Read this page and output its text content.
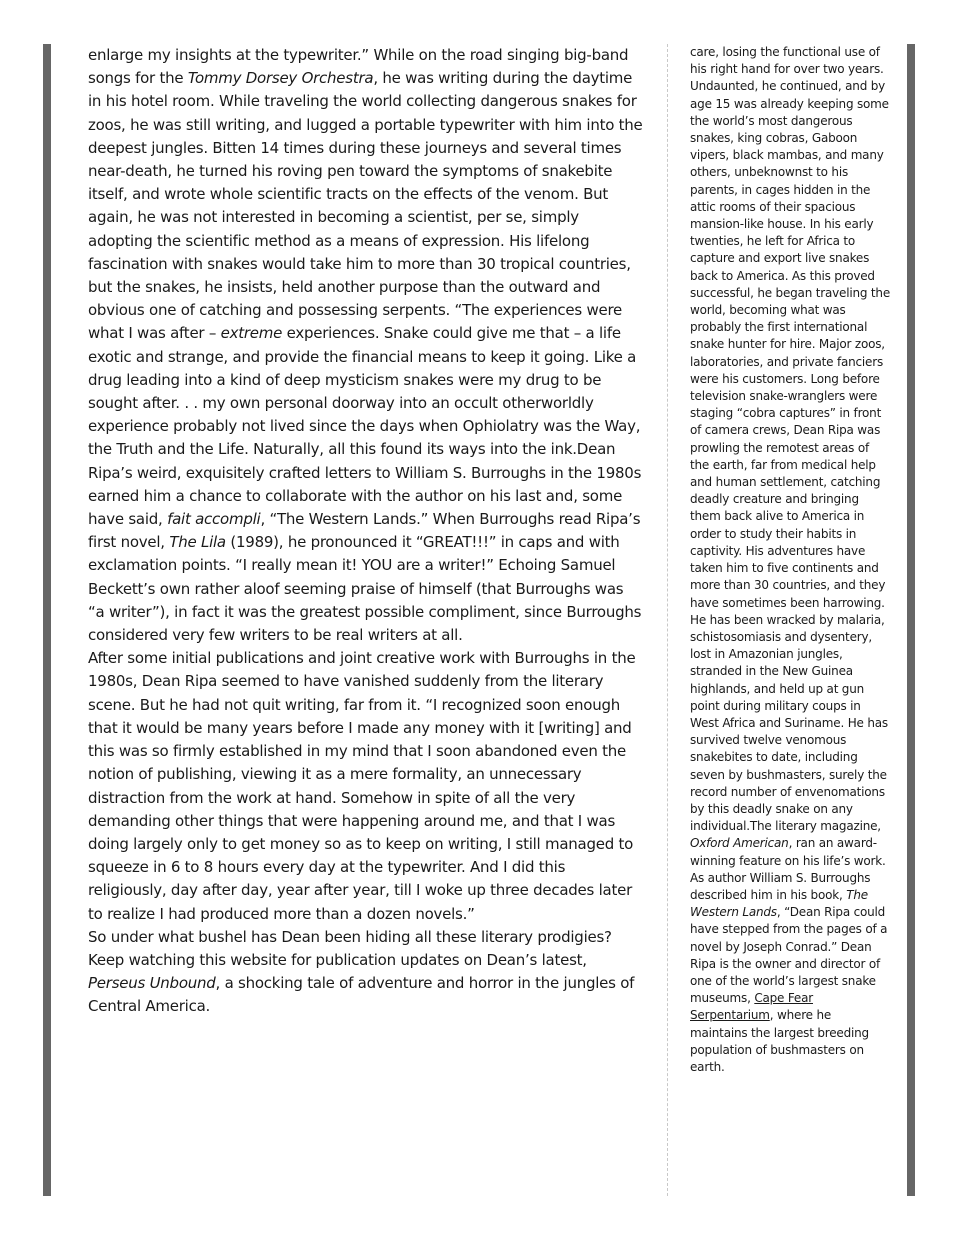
enlarge my insights at the typewriter.” While on the road singing big-band songs for the Tommy Dorsey Orchestra, he was writing during the daytime in his hotel room. While traveling the world collecting dangerous snakes for zoos, he was still writing, and lugged a portable typewriter with him into the deepest jungles. Bitten 14 times during these journeys and several times near-death, he turned his roving pen toward the symptoms of snakebite itself, and wrote whole scientific tracts on the effects of the venom. But again, he was not interested in becoming a scientist, per se, simply adopting the scientific method as a means of expression. His lifelong fascination with snakes would take him to more than 30 tropical countries, but the snakes, he insists, held another purpose than the outward and obvious one of catching and possessing serpents. “The experiences were what I was after – extreme experiences. Snake could give me that – a life exotic and strange, and provide the financial means to keep it going. Like a drug leading into a kind of deep mysticism snakes were my drug to be sought after. . . my own personal doorway into an occult otherworldly experience probably not lived since the days when Ophiolatry was the Way, the Truth and the Life. Naturally, all this found its ways into the ink.Dean Ripa’s weird, exquisitely crafted letters to William S. Burroughs in the 1980s earned him a chance to collaborate with the author on his last and, some have said, fait accompli, “The Western Lands.” When Burroughs read Ripa’s first novel, The Lila (1989), he pronounced it “GREAT!!!” in caps and with exclamation points. “I really mean it! YOU are a writer!” Echoing Samuel Beckett’s own rather aloof seeming praise of himself (that Burroughs was “a writer”), in fact it was the greatest possible compliment, since Burroughs considered very few writers to be real writers at all.

After some initial publications and joint creative work with Burroughs in the 1980s, Dean Ripa seemed to have vanished suddenly from the literary scene. But he had not quit writing, far from it. “I recognized soon enough that it would be many years before I made any money with it [writing] and this was so firmly established in my mind that I soon abandoned even the notion of publishing, viewing it as a mere formality, an unnecessary distraction from the work at hand. Somehow in spite of all the very demanding other things that were happening around me, and that I was doing largely only to get money so as to keep on writing, I still managed to squeeze in 6 to 8 hours every day at the typewriter. And I did this religiously, day after day, year after year, till I woke up three decades later to realize I had produced more than a dozen novels.”

So under what bushel has Dean been hiding all these literary prodigies? Keep watching this website for publication updates on Dean’s latest, Perseus Unbound, a shocking tale of adventure and horror in the jungles of Central America.

care, losing the functional use of his right hand for over two years. Undaunted, he continued, and by age 15 was already keeping some the world’s most dangerous snakes, king cobras, Gaboon vipers, black mambas, and many others, unbeknownst to his parents, in cages hidden in the attic rooms of their spacious mansion-like house. In his early twenties, he left for Africa to capture and export live snakes back to America. As this proved successful, he began traveling the world, becoming what was probably the first international snake hunter for hire. Major zoos, laboratories, and private fanciers were his customers. Long before television snake-wranglers were staging “cobra captures” in front of camera crews, Dean Ripa was prowling the remotest areas of the earth, far from medical help and human settlement, catching deadly creature and bringing them back alive to America in order to study their habits in captivity. His adventures have taken him to five continents and more than 30 countries, and they have sometimes been harrowing. He has been wracked by malaria, schistosomiasis and dysentery, lost in Amazonian jungles, stranded in the New Guinea highlands, and held up at gun point during military coups in West Africa and Suriname. He has survived twelve venomous snakebites to date, including seven by bushmasters, surely the record number of envenomations by this deadly snake on any individual.The literary magazine, Oxford American, ran an award-winning feature on his life’s work. As author William S. Burroughs described him in his book, The Western Lands, “Dean Ripa could have stepped from the pages of a novel by Joseph Conrad.” Dean Ripa is the owner and director of one of the world’s largest snake museums, Cape Fear Serpentarium, where he maintains the largest breeding population of bushmasters on earth.
